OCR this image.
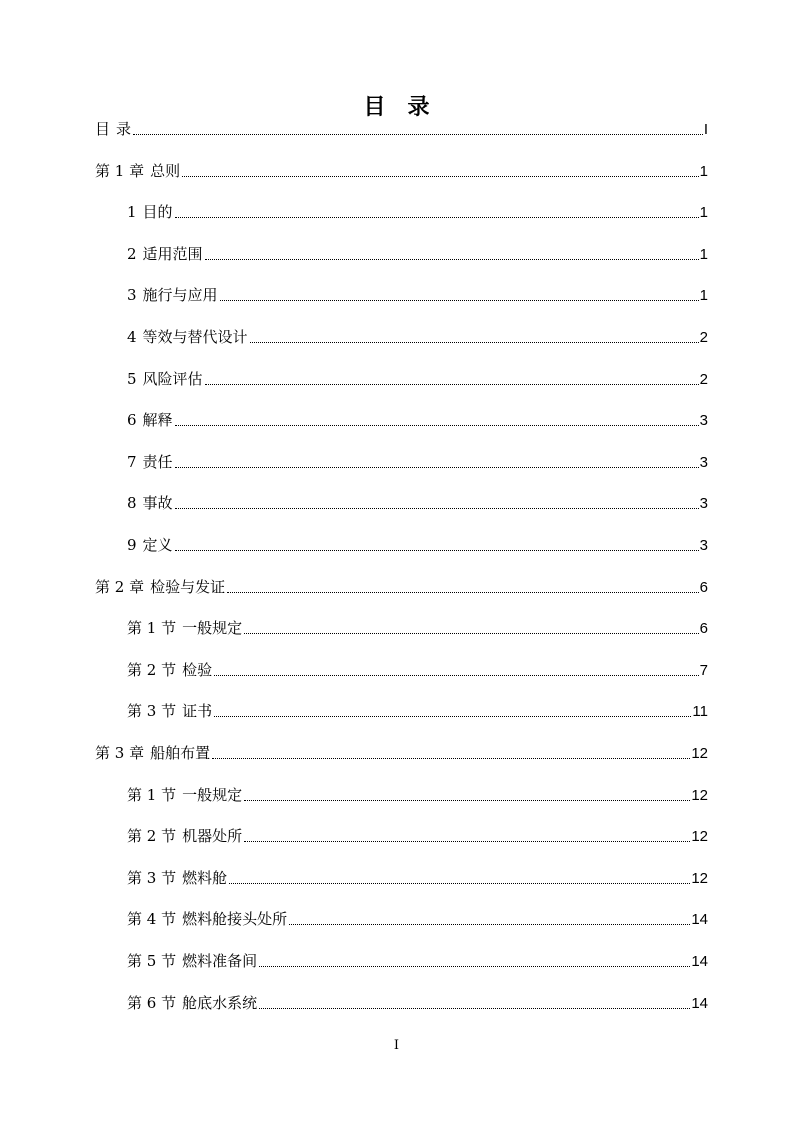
目 录
目 录	I
第 1 章 总则	1
1 目的	1
2 适用范围	1
3 施行与应用	1
4 等效与替代设计	2
5 风险评估	2
6 解释	3
7 责任	3
8 事故	3
9 定义	3
第 2 章 检验与发证	6
第 1 节 一般规定	6
第 2 节 检验	7
第 3 节 证书	11
第 3 章 船舶布置	12
第 1 节 一般规定	12
第 2 节 机器处所	12
第 3 节 燃料舱	12
第 4 节 燃料舱接头处所	14
第 5 节 燃料准备间	14
第 6 节 舱底水系统	14
I
